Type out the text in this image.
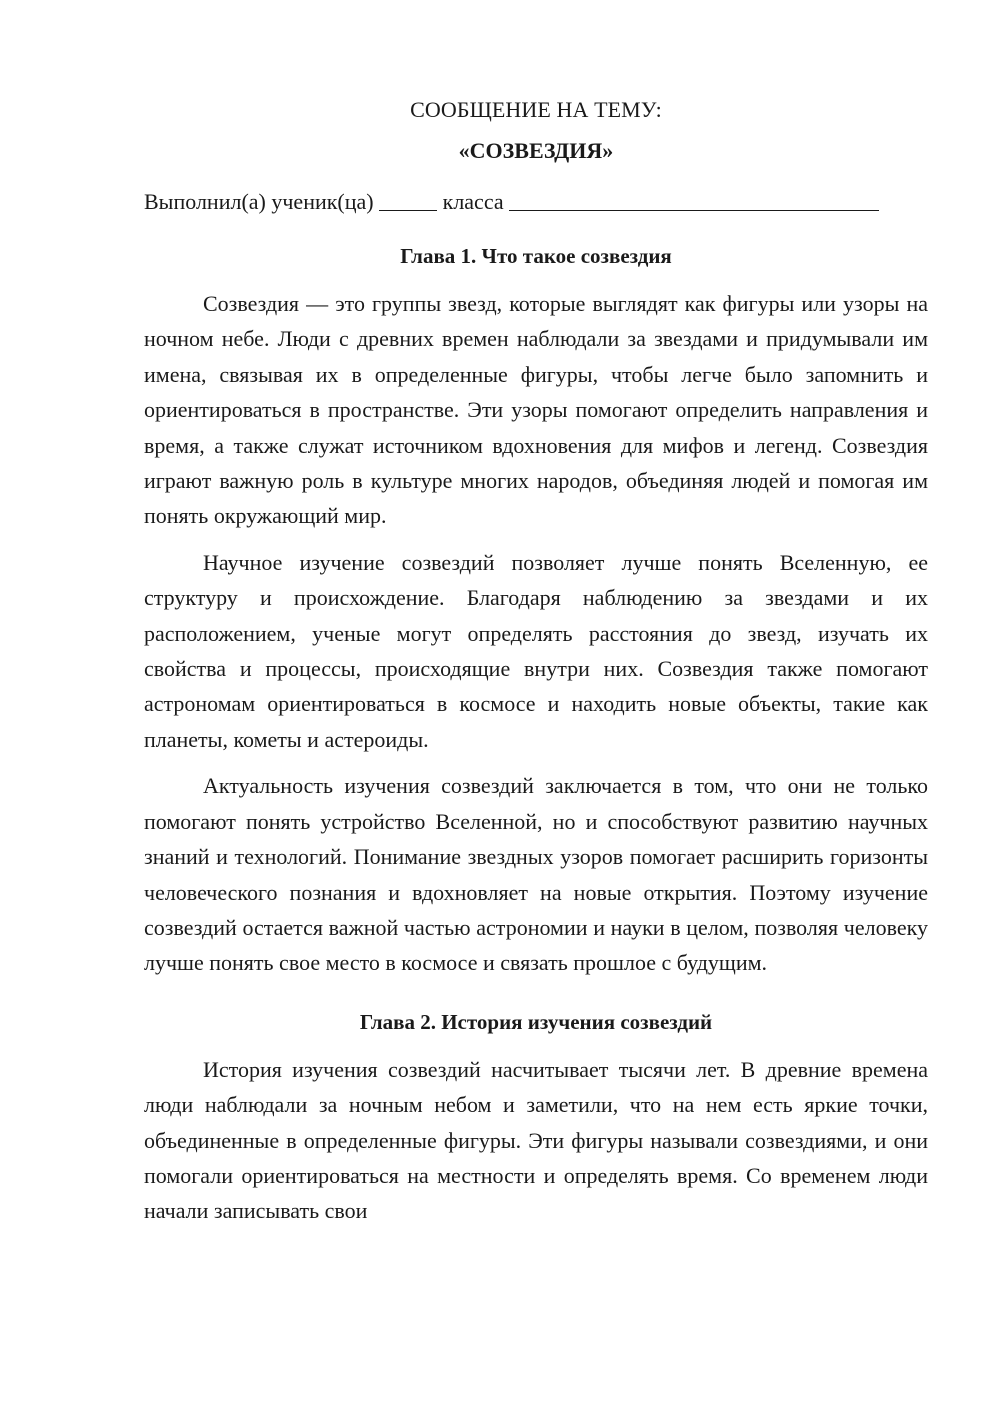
СООБЩЕНИЕ НА ТЕМУ:
«СОЗВЕЗДИЯ»

Выполнил(а) ученик(ца)	класса

Глава 1. Что такое созвездия

Созвездия — это группы звезд, которые выглядят как фигуры или узоры на ночном небе. Люди с древних времен наблюдали за звездами и придумывали им имена, связывая их в определенные фигуры, чтобы легче было запомнить и ориентироваться в пространстве. Эти узоры помогают определить направления и время, а также служат источником вдохновения для мифов и легенд. Созвездия играют важную роль в культуре многих народов, объединяя людей и помогая им понять окружающий мир.

Научное изучение созвездий позволяет лучше понять Вселенную, ее структуру и происхождение. Благодаря наблюдению за звездами и их расположением, ученые могут определять расстояния до звезд, изучать их свойства и процессы, происходящие внутри них. Созвездия также помогают астрономам ориентироваться в космосе и находить новые объекты, такие как планеты, кометы и астероиды.

Актуальность изучения созвездий заключается в том, что они не только помогают понять устройство Вселенной, но и способствуют развитию научных знаний и технологий. Понимание звездных узоров помогает расширить горизонты человеческого познания и вдохновляет на новые открытия. Поэтому изучение созвездий остается важной частью астрономии и науки в целом, позволяя человеку лучше понять свое место в космосе и связать прошлое с будущим.

Глава 2. История изучения созвездий

История изучения созвездий насчитывает тысячи лет. В древние времена люди наблюдали за ночным небом и заметили, что на нем есть яркие точки, объединенные в определенные фигуры. Эти фигуры называли созвездиями, и они помогали ориентироваться на местности и определять время. Со временем люди начали записывать свои
